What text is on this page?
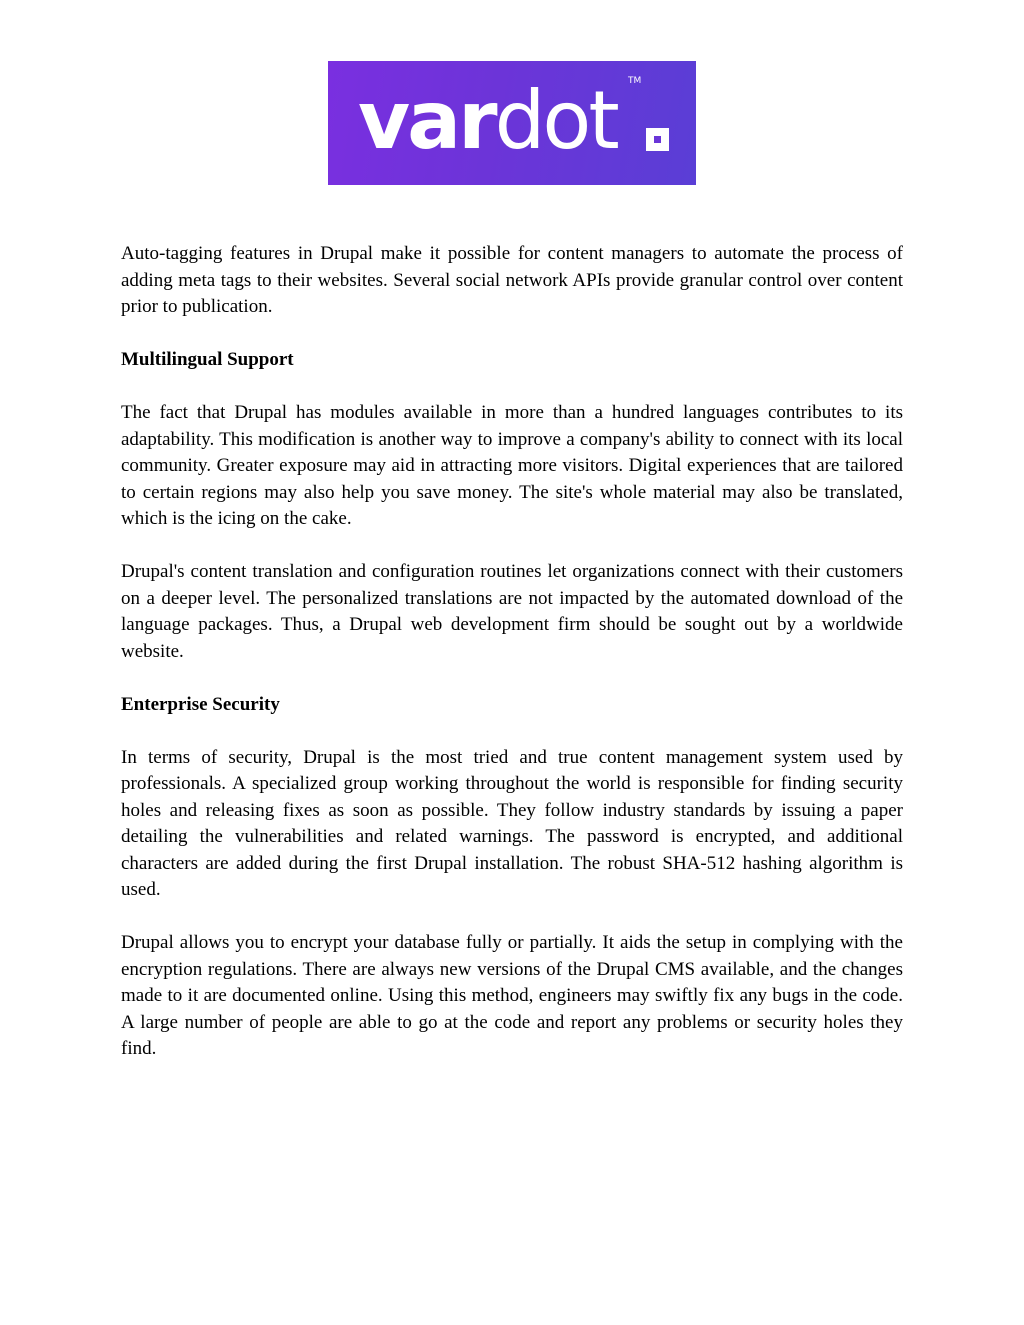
vardot TM

Auto-tagging features in Drupal make it possible for content managers to automate the process of adding meta tags to their websites. Several social network APIs provide granular control over content prior to publication.

Multilingual Support

The fact that Drupal has modules available in more than a hundred languages contributes to its adaptability. This modification is another way to improve a company's ability to connect with its local community. Greater exposure may aid in attracting more visitors. Digital experiences that are tailored to certain regions may also help you save money. The site's whole material may also be translated, which is the icing on the cake.

Drupal's content translation and configuration routines let organizations connect with their customers on a deeper level. The personalized translations are not impacted by the automated download of the language packages. Thus, a Drupal web development firm should be sought out by a worldwide website.

Enterprise Security

In terms of security, Drupal is the most tried and true content management system used by professionals. A specialized group working throughout the world is responsible for finding security holes and releasing fixes as soon as possible. They follow industry standards by issuing a paper detailing the vulnerabilities and related warnings. The password is encrypted, and additional characters are added during the first Drupal installation. The robust SHA-512 hashing algorithm is used.

Drupal allows you to encrypt your database fully or partially. It aids the setup in complying with the encryption regulations. There are always new versions of the Drupal CMS available, and the changes made to it are documented online. Using this method, engineers may swiftly fix any bugs in the code. A large number of people are able to go at the code and report any problems or security holes they find.
